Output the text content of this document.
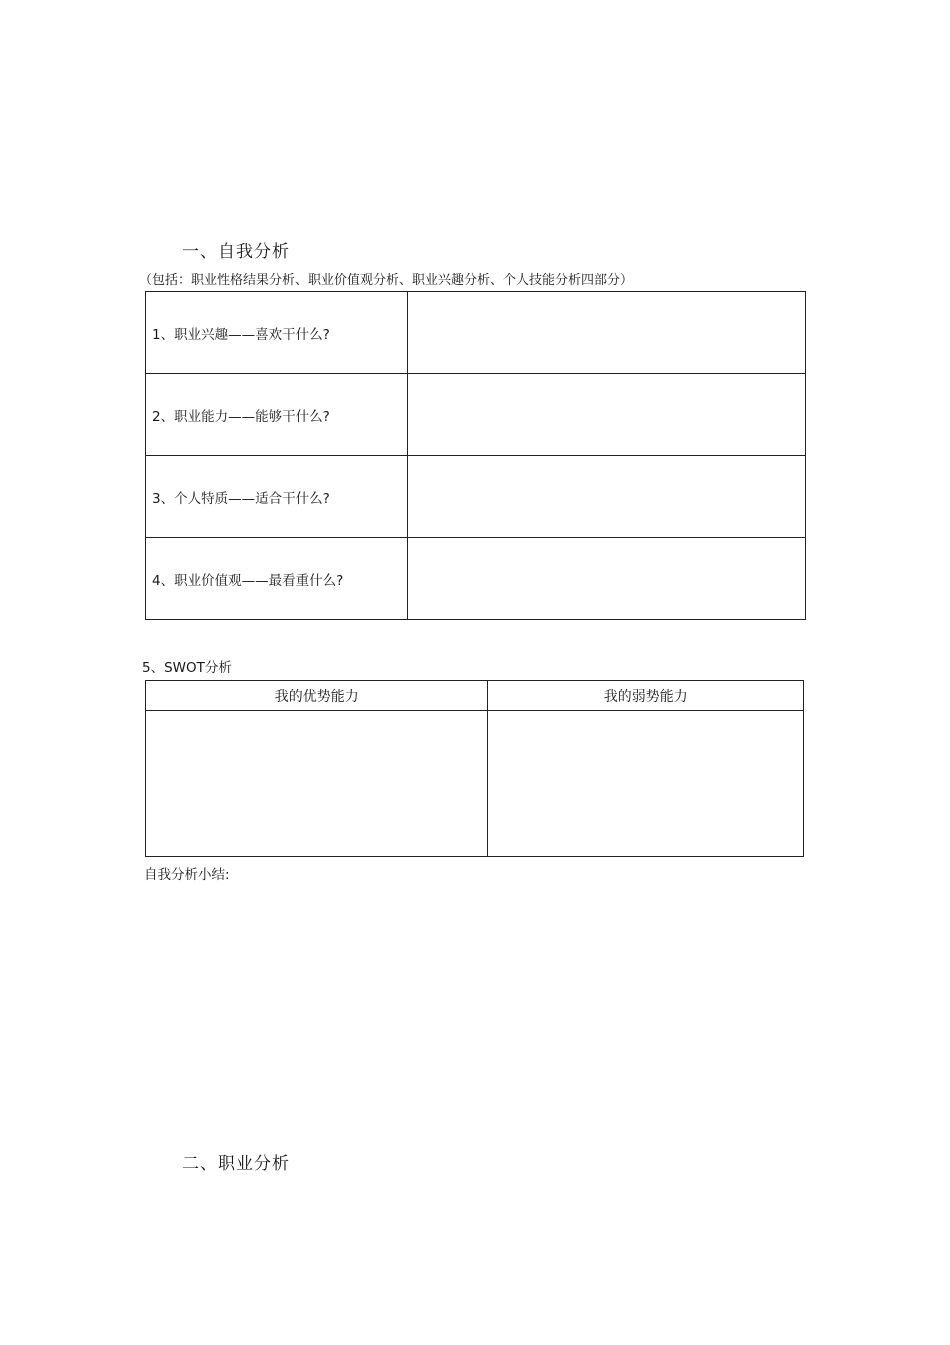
一、自我分析
（包括：职业性格结果分析、职业价值观分析、职业兴趣分析、个人技能分析四部分）
1、职业兴趣——喜欢干什么?	
2、职业能力——能够干什么?	
3、个人特质——适合干什么?	
4、职业价值观——最看重什么?	
5、SWOT分析
我的优势能力	我的弱势能力

自我分析小结:
二、职业分析
